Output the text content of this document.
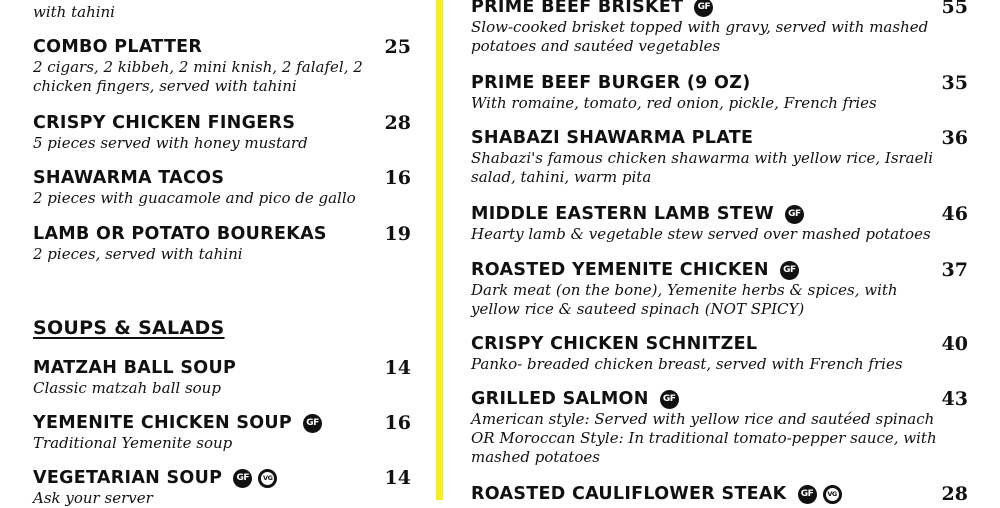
with tahini
COMBO PLATTER	25
2 cigars, 2 kibbeh, 2 mini knish, 2 falafel, 2
chicken fingers, served with tahini
CRISPY CHICKEN FINGERS	28
5 pieces served with honey mustard
SHAWARMA TACOS	16
2 pieces with guacamole and pico de gallo
LAMB OR POTATO BOUREKAS	19
2 pieces, served with tahini
SOUPS & SALADS
MATZAH BALL SOUP	14
Classic matzah ball soup
YEMENITE CHICKEN SOUP	GF	16
Traditional Yemenite soup
VEGETARIAN SOUP	GF	VG	14
Ask your server
PRIME BEEF BRISKET	GF	55
Slow-cooked brisket topped with gravy, served with mashed
potatoes and sautéed vegetables
PRIME BEEF BURGER (9 OZ)	35
With romaine, tomato, red onion, pickle, French fries
SHABAZI SHAWARMA PLATE	36
Shabazi's famous chicken shawarma with yellow rice, Israeli
salad, tahini, warm pita
MIDDLE EASTERN LAMB STEW	GF	46
Hearty lamb & vegetable stew served over mashed potatoes
ROASTED YEMENITE CHICKEN	GF	37
Dark meat (on the bone), Yemenite herbs & spices, with
yellow rice & sauteed spinach (NOT SPICY)
CRISPY CHICKEN SCHNITZEL	40
Panko- breaded chicken breast, served with French fries
GRILLED SALMON	GF	43
American style: Served with yellow rice and sautéed spinach
OR Moroccan Style: In traditional tomato-pepper sauce, with
mashed potatoes
ROASTED CAULIFLOWER STEAK	GF	VG	28
